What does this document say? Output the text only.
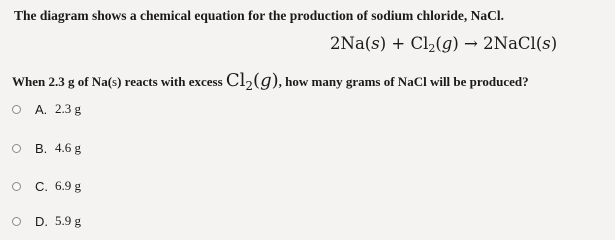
The diagram shows a chemical equation for the production of sodium chloride, NaCl.
$2Na(s) + Cl_2(g)$ → 2NaCl(s)
When 2.3 g of Na(s) reacts with excess $Cl_2(g)$, how many grams of NaCl will be produced?
A. 2.3 g
B. 4.6 g
C. 6.9 g
D. 5.9 g
